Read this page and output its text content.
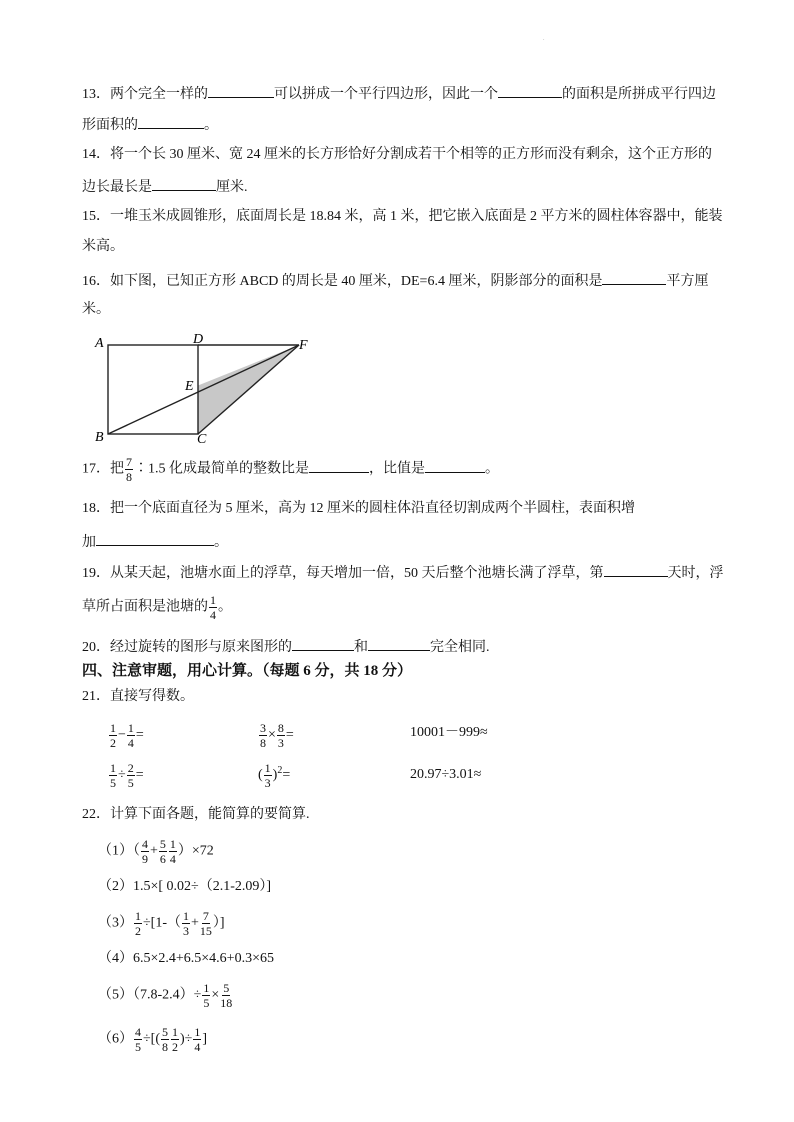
.
13．两个完全一样的	可以拼成一个平行四边形，因此一个	的面积是所拼成平行四边
形面积的	。
14．将一个长 30 厘米、宽 24 厘米的长方形恰好分割成若干个相等的正方形而没有剩余，这个正方形的
边长最长是	厘米.
15．一堆玉米成圆锥形，底面周长是 18.84 米，高 1 米，把它嵌入底面是 2 平方米的圆柱体容器中，能装
米高。
16．如下图，已知正方形 ABCD 的周长是 40 厘米，DE=6.4 厘米，阴影部分的面积是	平方厘
米。
A
B	C
D
E
F
17．把 $\frac{7}{8}$ ∶1.5 化成最简单的整数比是	，比值是	。
18．把一个底面直径为 5 厘米，高为 12 厘米的圆柱体沿直径切割成两个半圆柱，表面积增
加	。
19．从某天起，池塘水面上的浮草，每天增加一倍，50 天后整个池塘长满了浮草，第	天时，浮
草所占面积是池塘的 $\frac{1}{4}$ 。
20．经过旋转的图形与原来图形的	和	完全相同.
四、注意审题，用心计算。（每题 6 分，共 18 分）
21．直接写得数。
$\frac{1}{2} - \frac{1}{4}$ =	$\frac{3}{8} \times \frac{8}{3}$ =	10001－999≈
$\frac{1}{5} \div \frac{2}{5}$ =	( $\frac{1}{3} )^2=$	20.97÷3.01≈
22．计算下面各题，能简算的要简算.
$(1)( \frac{4}{9} + \frac{5}{6} \frac{1}{4} )\times 72$
（2）1.5×[ 0.02÷（2.1-2.09）]
$(3) \frac{1}{2} \div[1-( \frac{1}{3} + \frac{7}{15}$ ）]
（4）6.5×2.4+6.5×4.6+0.3×65
$(5)(7.8-2.4)\div \frac{1}{5} \times \frac{5}{18}$
$(6) \frac{4}{5}$ ÷[( $\frac{5}{8} \frac{1}{2}$ )÷ $\frac{1}{4}$ ]
